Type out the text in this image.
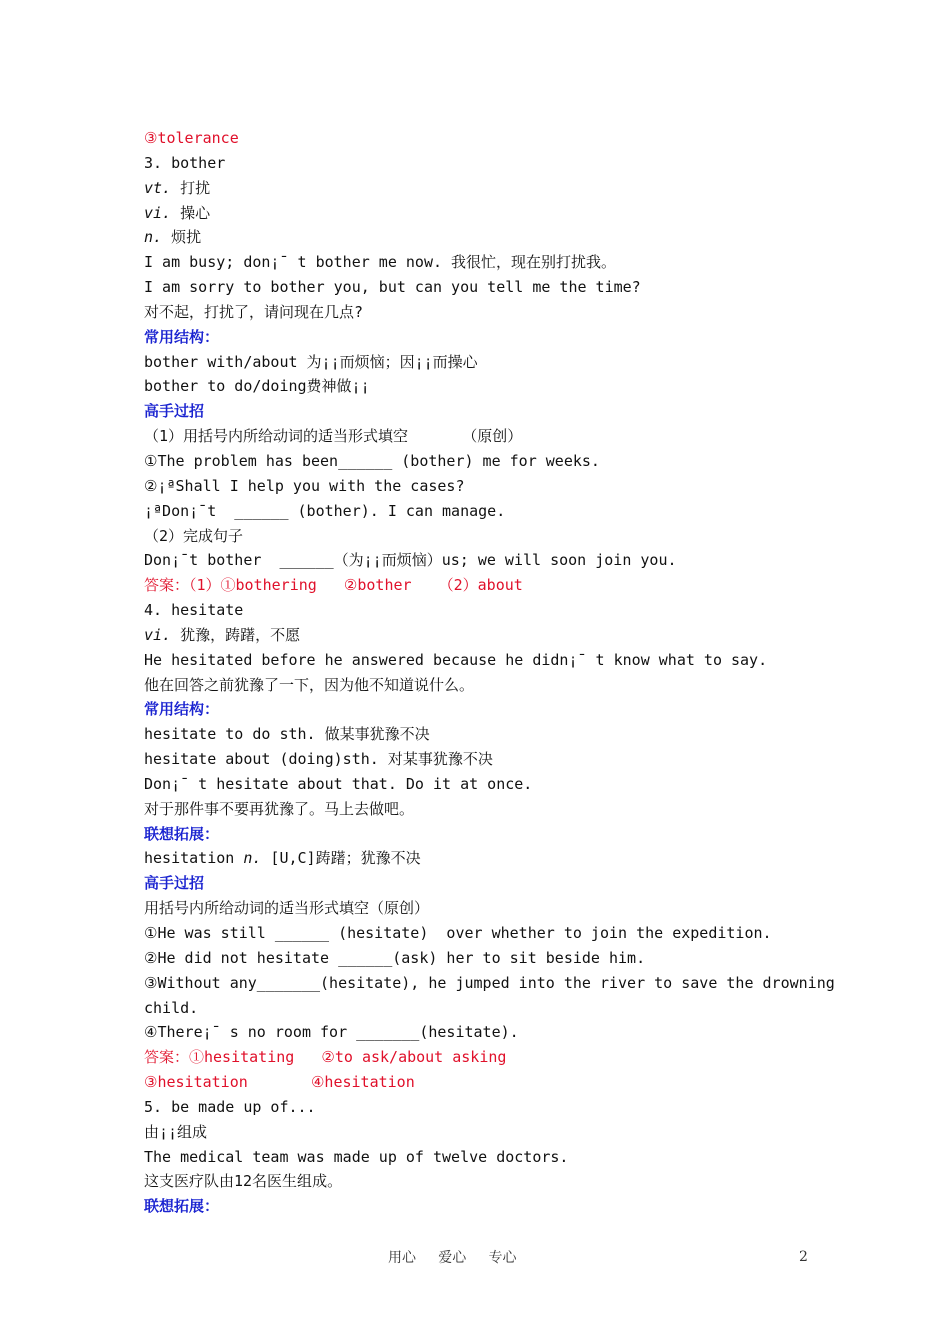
③tolerance
3. bother
vt. 打扰
vi. 操心
n. 烦扰
I am busy; don¡¯ t bother me now. 我很忙，现在别打扰我。
I am sorry to bother you, but can you tell me the time?
对不起，打扰了，请问现在几点?
常用结构：
bother with/about 为¡¡而烦恼；因¡¡而操心
bother to do/doing费神做¡¡
高手过招
（1）用括号内所给动词的适当形式填空      （原创）
①The problem has been______ (bother) me for weeks.
②¡ªShall I help you with the cases?
¡ªDon¡¯t  ______ (bother). I can manage.
（2）完成句子
Don¡¯t bother  ______（为¡¡而烦恼）us; we will soon join you.
答案：（1）①bothering   ②bother   （2）about
4. hesitate
vi. 犹豫，踌躇，不愿
He hesitated before he answered because he didn¡¯ t know what to say.
他在回答之前犹豫了一下，因为他不知道说什么。
常用结构：
hesitate to do sth. 做某事犹豫不决
hesitate about (doing)sth. 对某事犹豫不决
Don¡¯ t hesitate about that. Do it at once.
对于那件事不要再犹豫了。马上去做吧。
联想拓展：
hesitation n. [U,C]踌躇；犹豫不决
高手过招
用括号内所给动词的适当形式填空（原创）
①He was still ______ (hesitate)  over whether to join the expedition.
②He did not hesitate ______(ask) her to sit beside him.
③Without any_______(hesitate), he jumped into the river to save the drowning
child.
④There¡¯ s no room for _______(hesitate).
答案：①hesitating   ②to ask/about asking
③hesitation       ④hesitation
5. be made up of...
由¡¡组成
The medical team was made up of twelve doctors.
这支医疗队由12名医生组成。
联想拓展：
用心     爱心     专心	2
